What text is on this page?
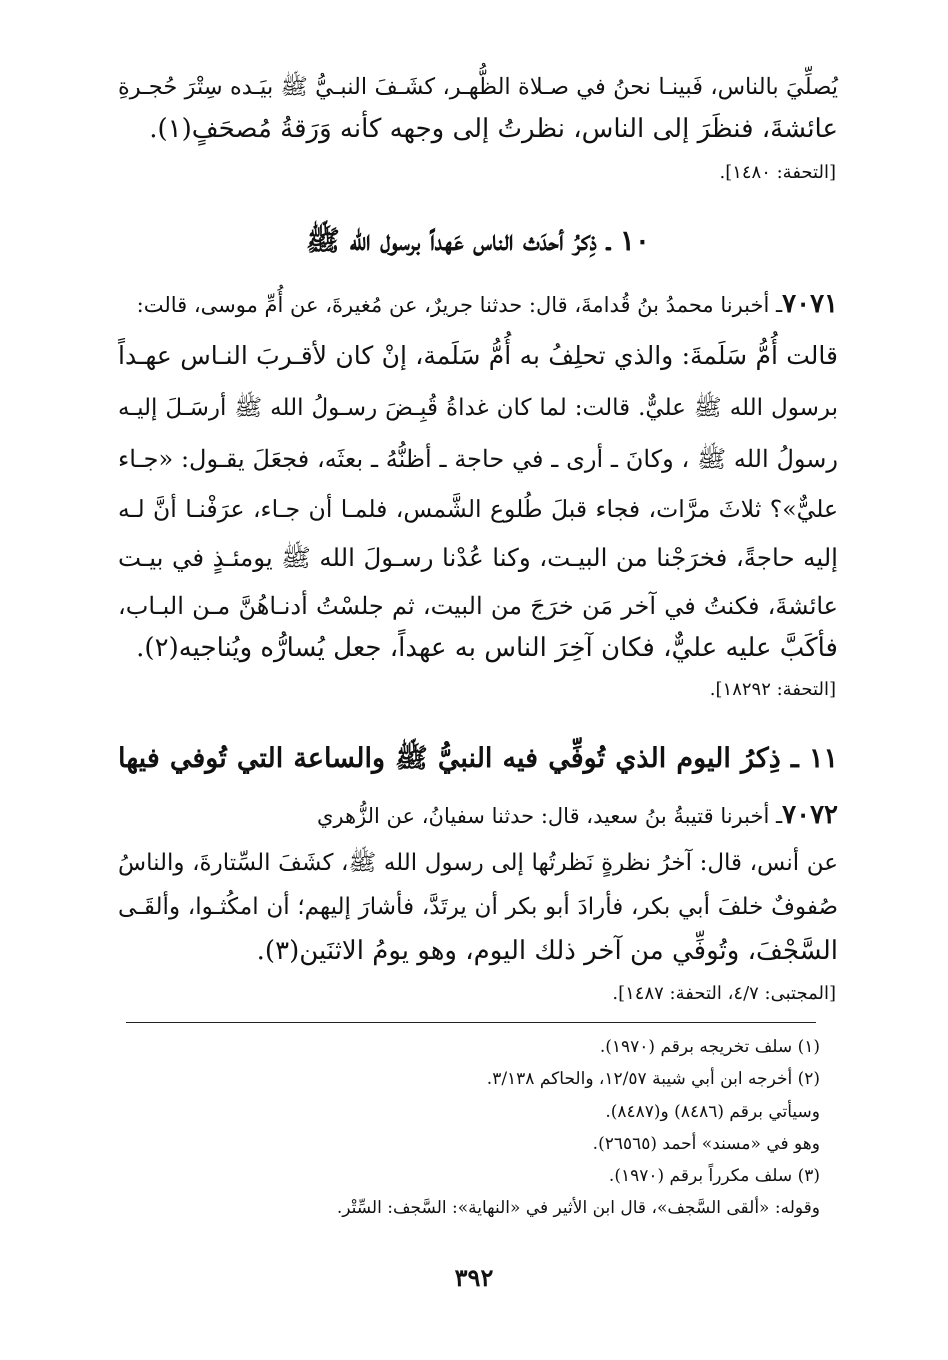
يُصلِّيَ بالناس، فَبينـا نحنُ في صـلاة الظُّهـر، كشَـفَ النبـيُّ ﷺ بيَـده سِتْرَ حُجـرةِ
عائشةَ، فنظَرَ إلى الناس، نظرتُ إلى وجهه كأنه وَرَقةُ مُصحَفٍ(١).
[التحفة: ١٤٨٠].
١٠ ـ ذِكرُ أحدَث الناس عَهداً برسول الله ﷺ
٧٠٧١ـ أخبرنا محمدُ بنُ قُدامةَ، قال: حدثنا جريرٌ، عن مُغيرةَ، عن أُمِّ موسى، قالت:
قالت أُمُّ سَلَمةَ: والذي تحلِفُ به أُمُّ سَلَمة، إنْ كان لأقـربَ النـاس عهـداً
برسول الله ﷺ عليٌّ. قالت: لما كان غداةُ قُبِـضَ رسـولُ الله ﷺ أرسَـلَ إليـه
رسولُ الله ﷺ ، وكانَ ـ أرى ـ في حاجة ـ أظنُّهُ ـ بعثَه، فجعَلَ يقـول: «جـاء
عليٌّ»؟ ثلاثَ مرَّات، فجاء قبلَ طُلوع الشَّمس، فلمـا أن جـاء، عرَفْنـا أنَّ لـه
إليه حاجةً، فخرَجْنا من البيـت، وكنا عُدْنا رسـولَ الله ﷺ يومئـذٍ في بيـت
عائشةَ، فكنتُ في آخر مَن خرَجَ من البيت، ثم جلسْتُ أدنـاهُنَّ مـن البـاب،
فأكَبَّ عليه عليٌّ، فكان آخِرَ الناس به عهداً، جعل يُسارُّه ويُناجيه(٢).
[التحفة: ١٨٢٩٢].
١١ ـ ذِكرُ اليوم الذي تُوفِّي فيه النبيُّ ﷺ والساعة التي تُوفي فيها
٧٠٧٢ـ أخبرنا قتيبةُ بنُ سعيد، قال: حدثنا سفيانُ، عن الزُّهري
عن أنس، قال: آخرُ نظرةٍ نَظرتُها إلى رسول الله ﷺ، كشَفَ السِّتارةَ، والناسُ
صُفوفٌ خلفَ أبي بكر، فأرادَ أبو بكر أن يرتَدَّ، فأشارَ إليهم؛ أن امكُثـوا، وألقَـى
السَّجْفَ، وتُوفِّي من آخر ذلك اليوم، وهو يومُ الاثنَين(٣).
[المجتبى: ٤/٧، التحفة: ١٤٨٧].
(١) سلف تخريجه برقم (١٩٧٠).
(٢) أخرجه ابن أبي شيبة ١٢/٥٧، والحاكم ٣/١٣٨.
وسيأتي برقم (٨٤٨٦) و(٨٤٨٧).
وهو في «مسند» أحمد (٢٦٥٦٥).
(٣) سلف مكرراً برقم (١٩٧٠).
وقوله: «ألقى السَّجف»، قال ابن الأثير في «النهاية»: السَّجف: السِّتْر.
٣٩٢
